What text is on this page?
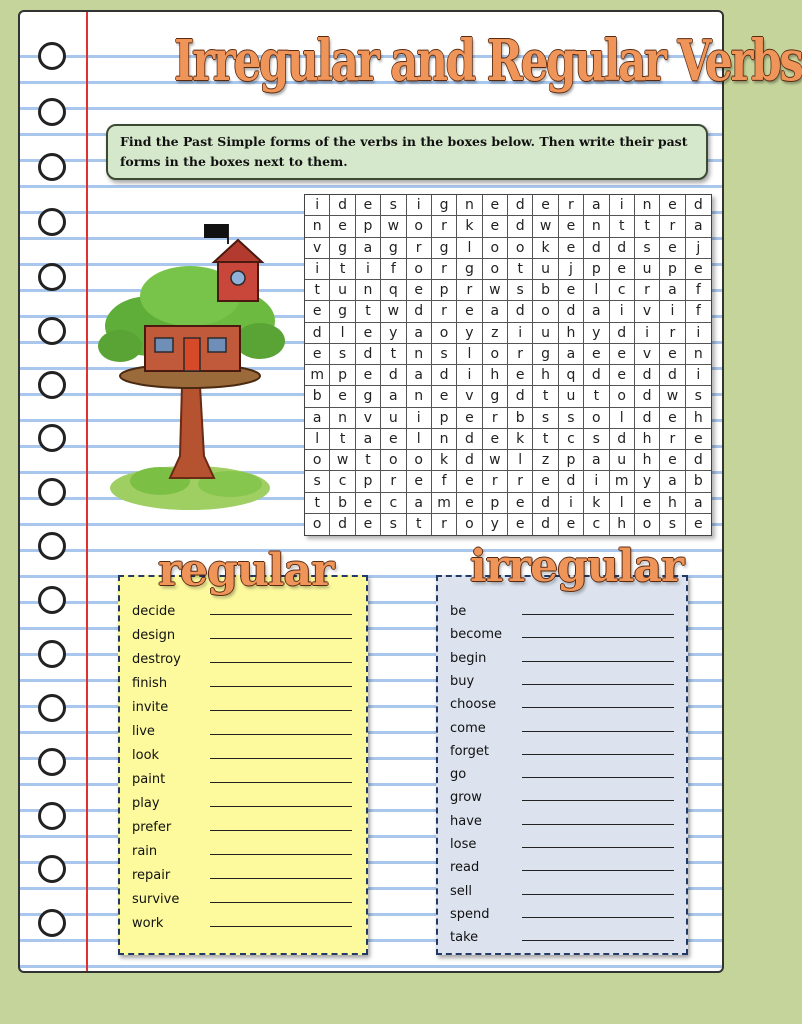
Irregular and Regular Verbs
Find the Past Simple forms of the verbs in the boxes below. Then write their past forms in the boxes next to them.
i	d	e	s	i	g	n	e	d	e	r	a	i	n	e	d
n	e	p	w	o	r	k	e	d	w	e	n	t	t	r	a
v	g	a	g	r	g	l	o	o	k	e	d	d	s	e	j
i	t	i	f	o	r	g	o	t	u	j	p	e	u	p	e
t	u	n	q	e	p	r	w	s	b	e	l	c	r	a	f
e	g	t	w	d	r	e	a	d	o	d	a	i	v	i	f
d	l	e	y	a	o	y	z	i	u	h	y	d	i	r	i
e	s	d	t	n	s	l	o	r	g	a	e	e	v	e	n
m	p	e	d	a	d	i	h	e	h	q	d	e	d	d	i
b	e	g	a	n	e	v	g	d	t	u	t	o	d	w	s
a	n	v	u	i	p	e	r	b	s	s	o	l	d	e	h
l	t	a	e	l	n	d	e	k	t	c	s	d	h	r	e
o	w	t	o	o	k	d	w	l	z	p	a	u	h	e	d
s	c	p	r	e	f	e	r	r	e	d	i	m	y	a	b
t	b	e	c	a	m	e	p	e	d	i	k	l	e	h	a
o	d	e	s	t	r	o	y	e	d	e	c	h	o	s	e
regular
decide
design
destroy
finish
invite
live
look
paint
play
prefer
rain
repair
survive
work
irregular
be
become
begin
buy
choose
come
forget
go
grow
have
lose
read
sell
spend
take
